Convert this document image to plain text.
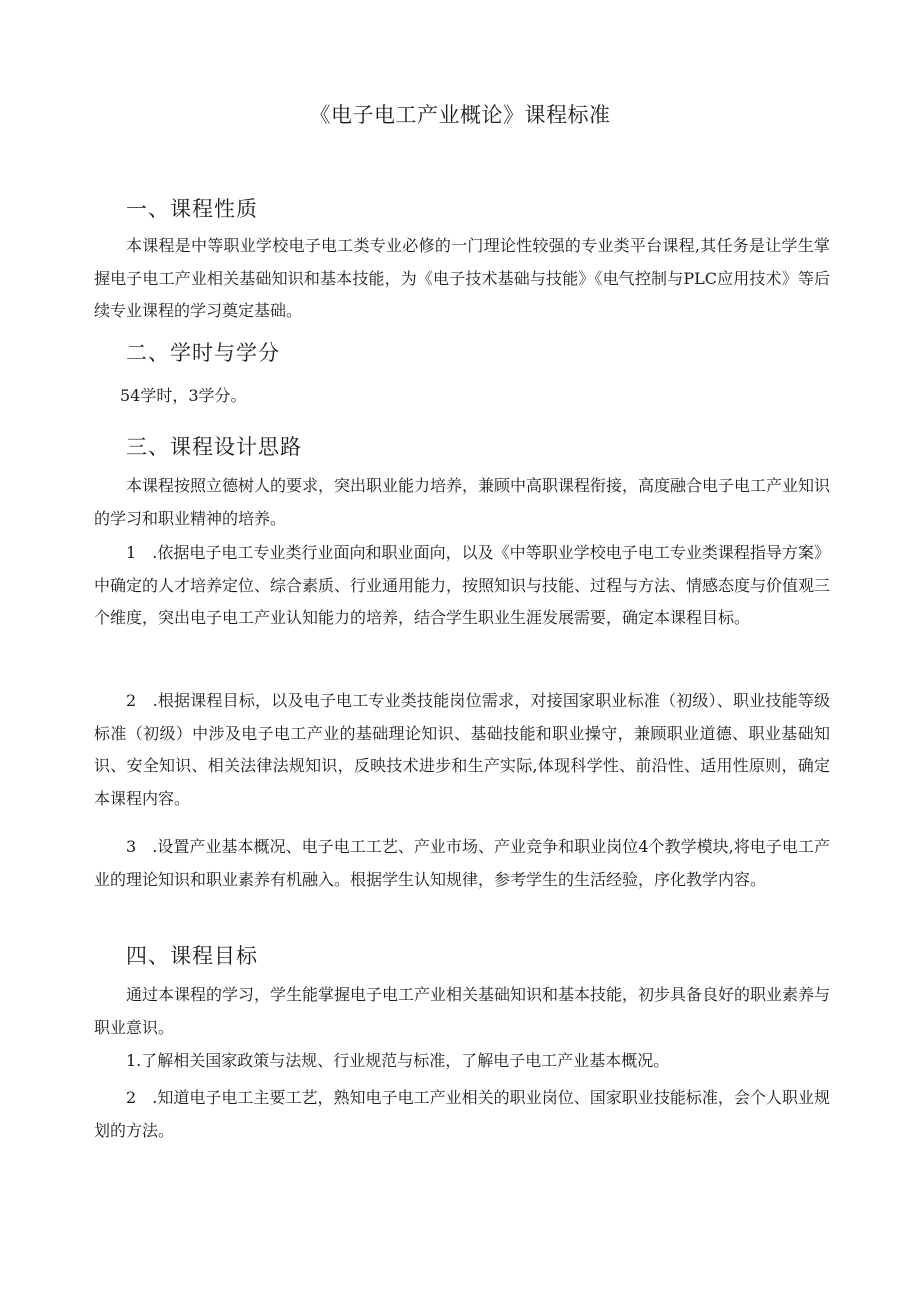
《电子电工产业概论》课程标准
一、课程性质

本课程是中等职业学校电子电工类专业必修的一门理论性较强的专业类平台课程,其任务是让学生掌握电子电工产业相关基础知识和基本技能，为《电子技术基础与技能》《电气控制与PLC应用技术》等后续专业课程的学习奠定基础。

二、学时与学分

54学时，3学分。

三、课程设计思路

本课程按照立德树人的要求，突出职业能力培养，兼顾中高职课程衔接，高度融合电子电工产业知识的学习和职业精神的培养。

1　.依据电子电工专业类行业面向和职业面向，以及《中等职业学校电子电工专业类课程指导方案》中确定的人才培养定位、综合素质、行业通用能力，按照知识与技能、过程与方法、情感态度与价值观三个维度，突出电子电工产业认知能力的培养，结合学生职业生涯发展需要，确定本课程目标。

2　.根据课程目标，以及电子电工专业类技能岗位需求，对接国家职业标准（初级）、职业技能等级标准（初级）中涉及电子电工产业的基础理论知识、基础技能和职业操守，兼顾职业道德、职业基础知识、安全知识、相关法律法规知识，反映技术进步和生产实际,体现科学性、前沿性、适用性原则，确定本课程内容。

3　.设置产业基本概况、电子电工工艺、产业市场、产业竞争和职业岗位4个教学模块,将电子电工产业的理论知识和职业素养有机融入。根据学生认知规律，参考学生的生活经验，序化教学内容。

四、课程目标

通过本课程的学习，学生能掌握电子电工产业相关基础知识和基本技能，初步具备良好的职业素养与职业意识。

1.了解相关国家政策与法规、行业规范与标准，了解电子电工产业基本概况。

2　.知道电子电工主要工艺，熟知电子电工产业相关的职业岗位、国家职业技能标准，会个人职业规划的方法。
